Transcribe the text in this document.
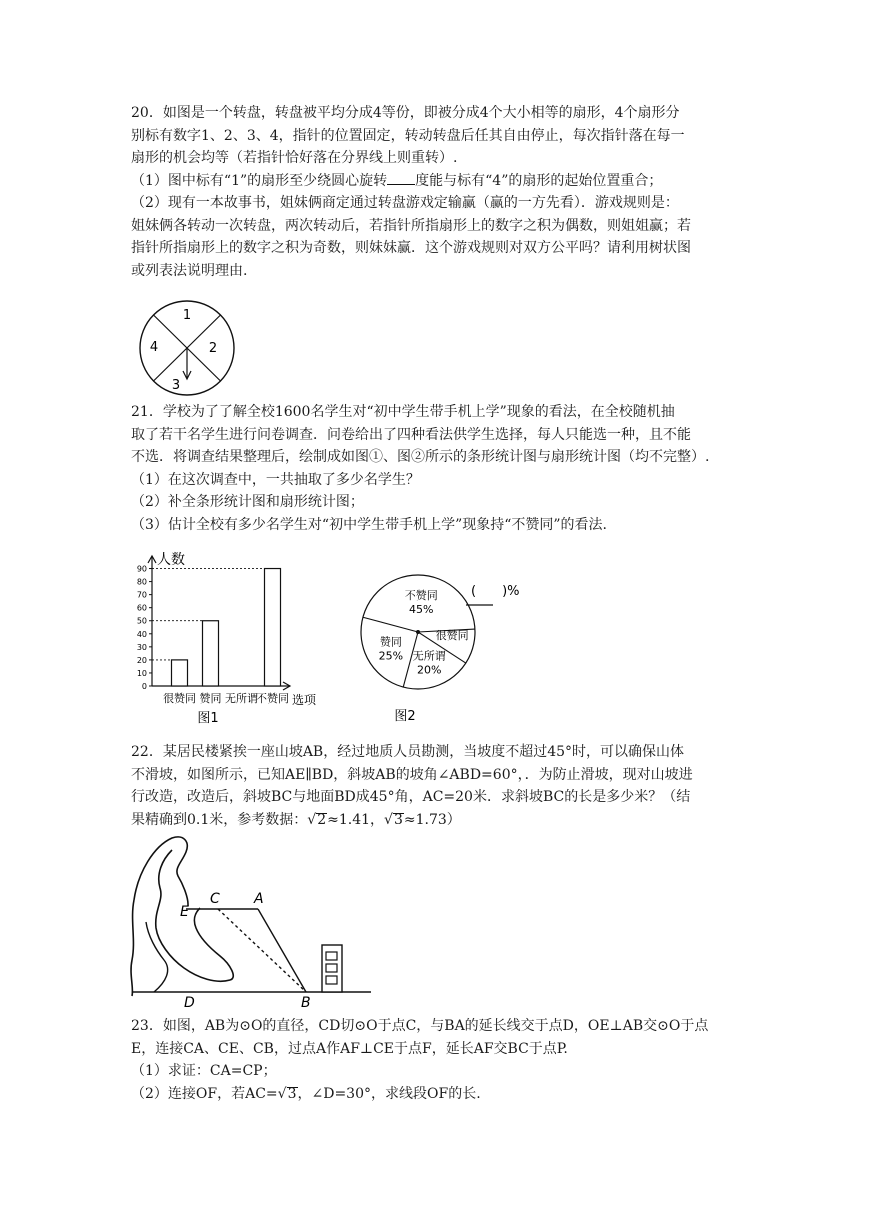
20．如图是一个转盘，转盘被平均分成4等份，即被分成4个大小相等的扇形，4个扇形分
别标有数字1、2、3、4，指针的位置固定，转动转盘后任其自由停止，每次指针落在每一
扇形的机会均等（若指针恰好落在分界线上则重转）.
（1）图中标有“1”的扇形至少绕圆心旋转 度能与标有“4”的扇形的起始位置重合；
（2）现有一本故事书，姐妹俩商定通过转盘游戏定输赢（赢的一方先看）．游戏规则是：
姐妹俩各转动一次转盘，两次转动后，若指针所指扇形上的数字之积为偶数，则姐姐赢；若
指针所指扇形上的数字之积为奇数，则妹妹赢．这个游戏规则对双方公平吗？请利用树状图
或列表法说明理由.
1
2
3
4
21．学校为了了解全校1600名学生对“初中学生带手机上学”现象的看法，在全校随机抽
取了若干名学生进行问卷调查．问卷给出了四种看法供学生选择，每人只能选一种，且不能
不选．将调查结果整理后，绘制成如图①、图②所示的条形统计图与扇形统计图（均不完整）.
（1）在这次调查中，一共抽取了多少名学生？
（2）补全条形统计图和扇形统计图；
（3）估计全校有多少名学生对“初中学生带手机上学”现象持“不赞同”的看法.
人数
选项
0
10
20
30
40
50
60
70
80
90
很赞同 赞同 无所谓
不赞同
图1
不赞同
45%
很赞同
无所谓
20%
赞同
25%
(　　)%
图2
22．某居民楼紧挨一座山坡AB，经过地质人员勘测，当坡度不超过45°时，可以确保山体
不滑坡，如图所示，已知AE∥BD，斜坡AB的坡角∠ABD=60°，．为防止滑坡，现对山坡进
行改造，改造后，斜坡BC与地面BD成45°角，AC=20米．求斜坡BC的长是多少米？（结
果精确到0.1米，参考数据：√2≈1.41，√3≈1.73）
E
C A
D	B
23．如图，AB为⊙O的直径，CD切⊙O于点C，与BA的延长线交于点D，OE⊥AB交⊙O于点
E，连接CA、CE、CB，过点A作AF⊥CE于点F，延长AF交BC于点P.
（1）求证：CA=CP；
（2）连接OF，若AC=√3，∠D=30°，求线段OF的长.
